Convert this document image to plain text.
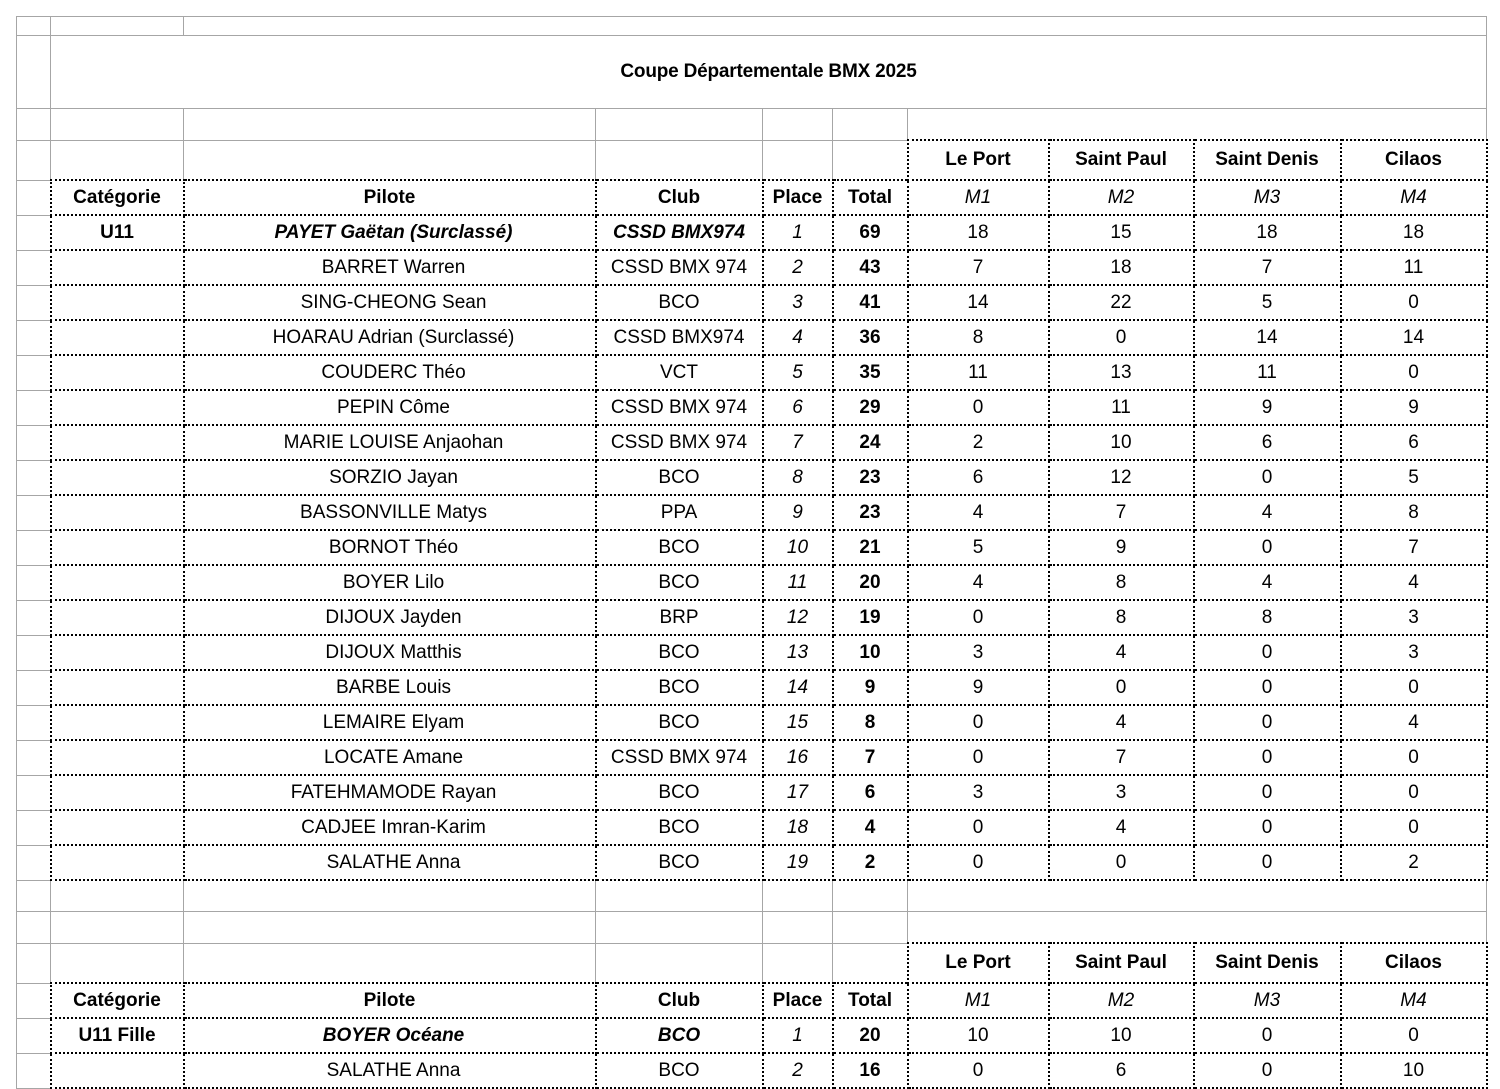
	Coupe Départementale BMX 2025								

						Le Port	Saint Paul	Saint Denis	Cilaos
	Catégorie	Pilote	Club	Place	Total	M1	M2	M3	M4
	U11	PAYET Gaëtan (Surclassé)	CSSD BMX974	1	69	18	15	18	18
		BARRET Warren	CSSD BMX 974	2	43	7	18	7	11
		SING-CHEONG Sean	BCO	3	41	14	22	5	0
		HOARAU Adrian (Surclassé)	CSSD BMX974	4	36	8	0	14	14
		COUDERC Théo	VCT	5	35	11	13	11	0
		PEPIN Côme	CSSD BMX 974	6	29	0	11	9	9
		MARIE LOUISE Anjaohan	CSSD BMX 974	7	24	2	10	6	6
		SORZIO Jayan	BCO	8	23	6	12	0	5
		BASSONVILLE Matys	PPA	9	23	4	7	4	8
		BORNOT Théo	BCO	10	21	5	9	0	7
		BOYER Lilo	BCO	11	20	4	8	4	4
		DIJOUX Jayden	BRP	12	19	0	8	8	3
		DIJOUX Matthis	BCO	13	10	3	4	0	3
		BARBE Louis	BCO	14	9	9	0	0	0
		LEMAIRE Elyam	BCO	15	8	0	4	0	4
		LOCATE Amane	CSSD BMX 974	16	7	0	7	0	0
		FATEHMAMODE Rayan	BCO	17	6	3	3	0	0
		CADJEE Imran-Karim	BCO	18	4	0	4	0	0
		SALATHE Anna	BCO	19	2	0	0	0	2

						Le Port	Saint Paul	Saint Denis	Cilaos
	Catégorie	Pilote	Club	Place	Total	M1	M2	M3	M4
	U11 Fille	BOYER Océane	BCO	1	20	10	10	0	0
		SALATHE Anna	BCO	2	16	0	6	0	10
